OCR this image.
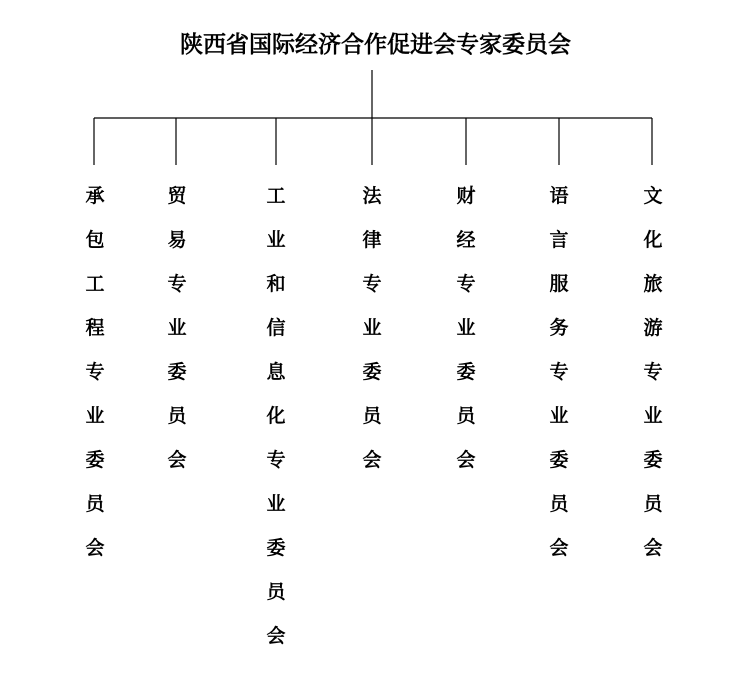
陕西省国际经济合作促进会专家委员会
承包工程专业委员会
贸易专业委员会
工业和信息化专业委员会
法律专业委员会
财经专业委员会
语言服务专业委员会
文化旅游专业委员会
